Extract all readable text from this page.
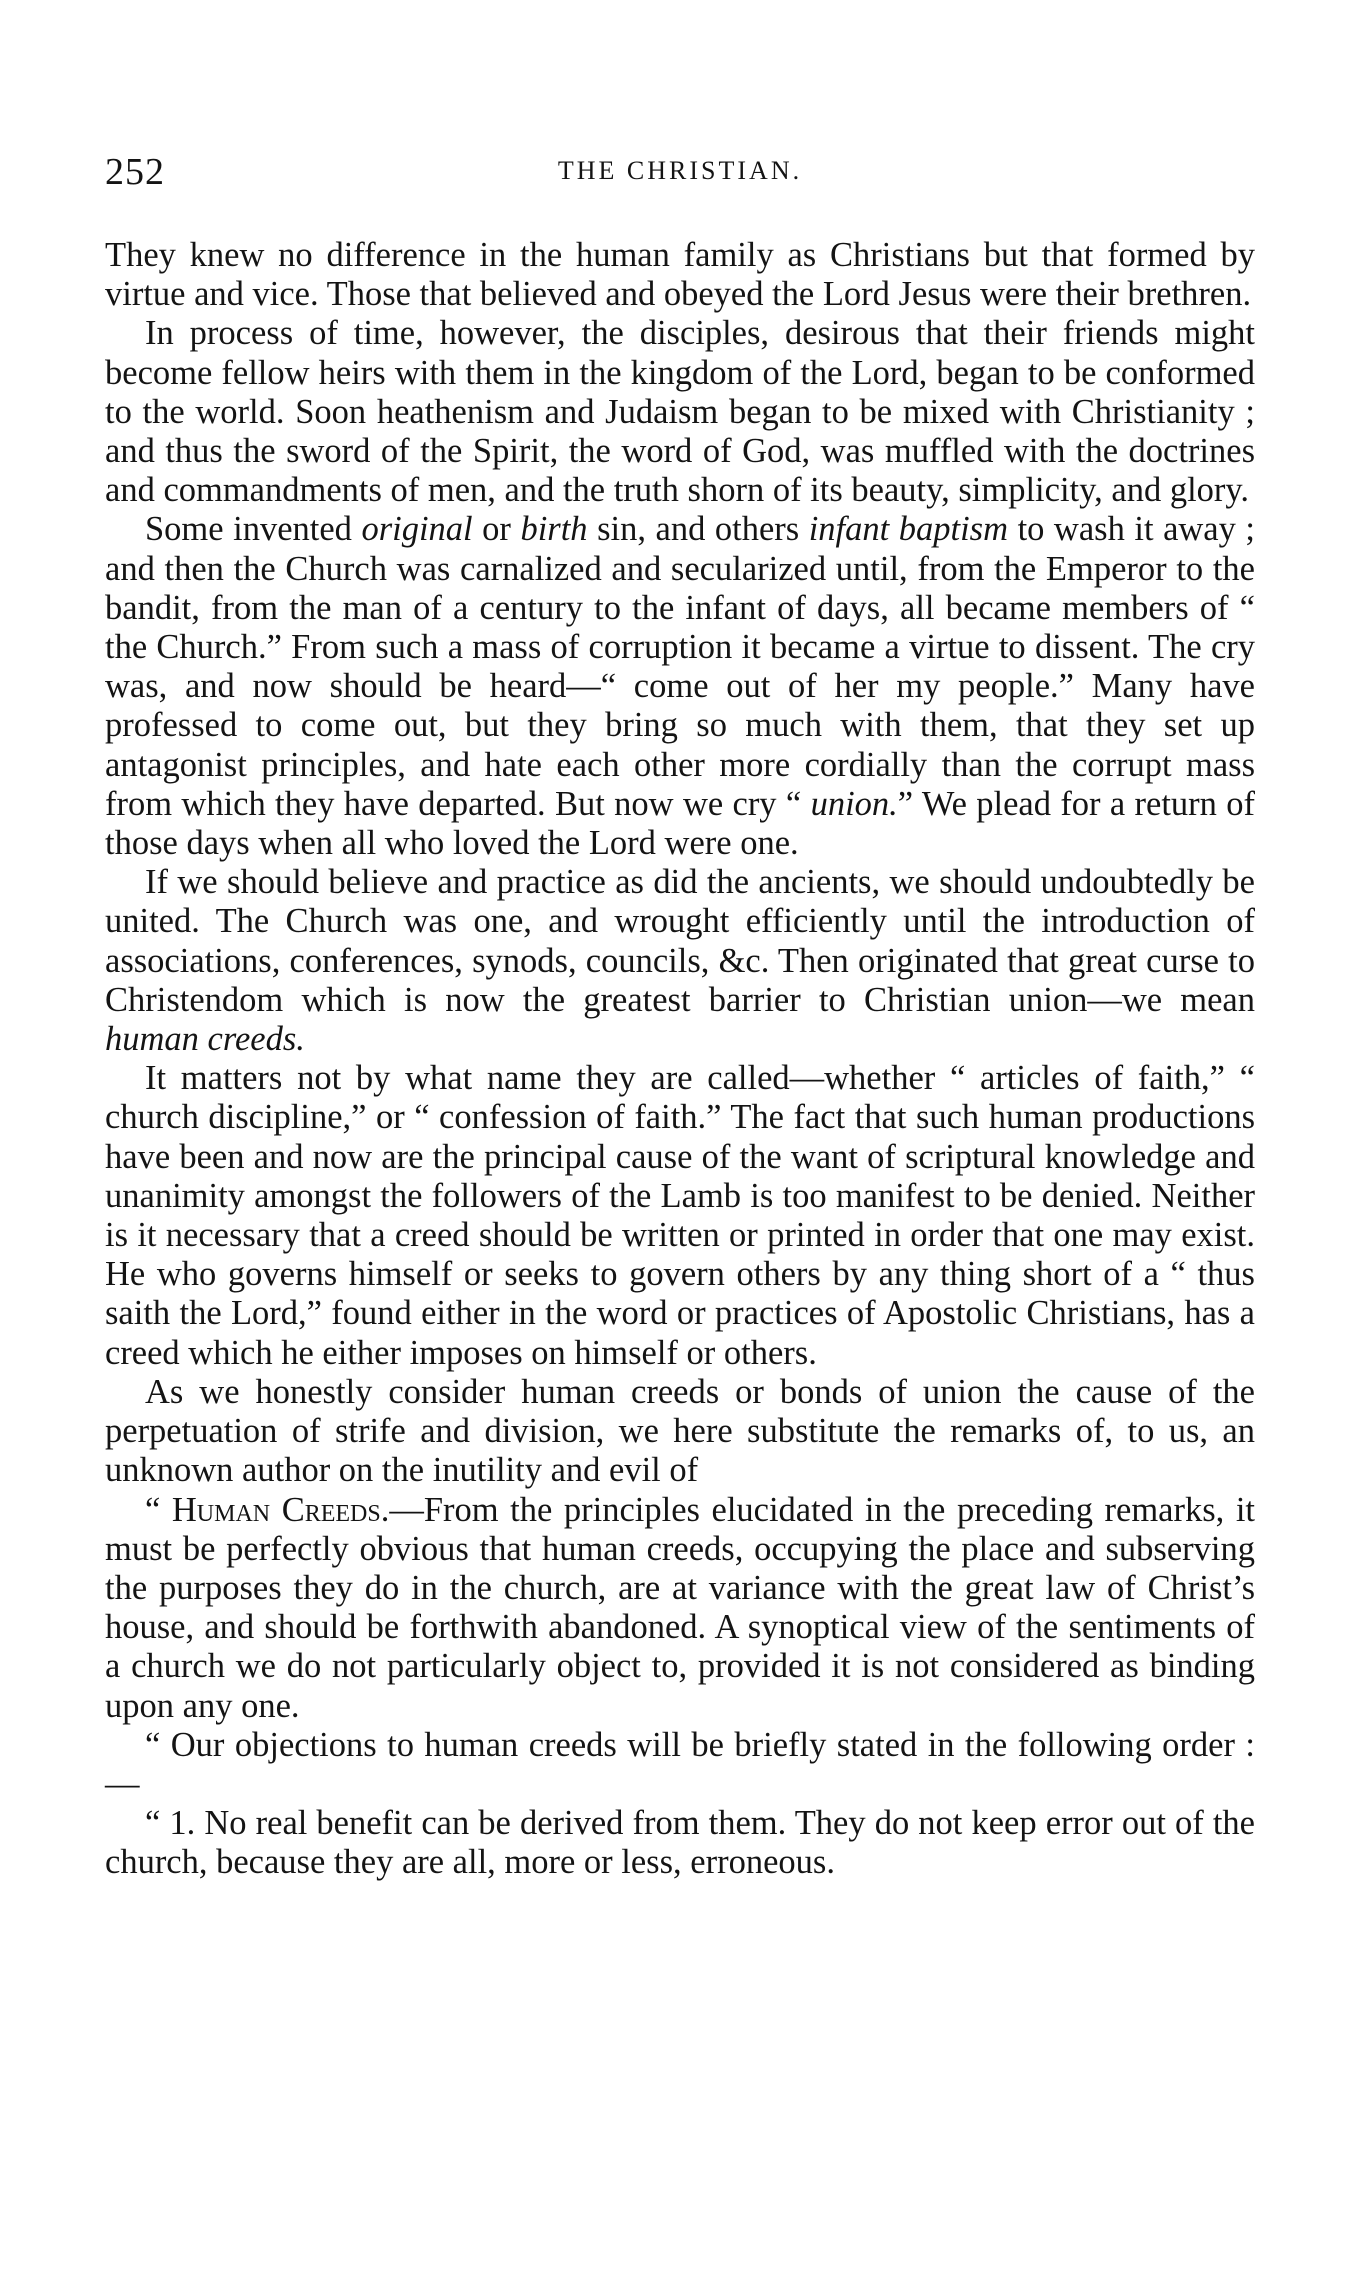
252	THE CHRISTIAN.

They knew no difference in the human family as Christians but that formed by virtue and vice. Those that believed and obeyed the Lord Jesus were their brethren.

In process of time, however, the disciples, desirous that their friends might become fellow heirs with them in the kingdom of the Lord, began to be conformed to the world. Soon heathenism and Judaism began to be mixed with Christianity ; and thus the sword of the Spirit, the word of God, was muffled with the doctrines and commandments of men, and the truth shorn of its beauty, simplicity, and glory.

Some invented original or birth sin, and others infant baptism to wash it away ; and then the Church was carnalized and secularized until, from the Emperor to the bandit, from the man of a century to the infant of days, all became members of “ the Church.” From such a mass of corruption it became a virtue to dissent. The cry was, and now should be heard—“ come out of her my people.” Many have professed to come out, but they bring so much with them, that they set up antagonist principles, and hate each other more cordially than the corrupt mass from which they have departed. But now we cry “ union.” We plead for a return of those days when all who loved the Lord were one.

If we should believe and practice as did the ancients, we should undoubtedly be united. The Church was one, and wrought efficiently until the introduction of associations, conferences, synods, councils, &c. Then originated that great curse to Christendom which is now the greatest barrier to Christian union—we mean human creeds.

It matters not by what name they are called—whether “ articles of faith,” “ church discipline,” or “ confession of faith.” The fact that such human productions have been and now are the principal cause of the want of scriptural knowledge and unanimity amongst the followers of the Lamb is too manifest to be denied. Neither is it necessary that a creed should be written or printed in order that one may exist. He who governs himself or seeks to govern others by any thing short of a “ thus saith the Lord,” found either in the word or practices of Apostolic Christians, has a creed which he either imposes on himself or others.

As we honestly consider human creeds or bonds of union the cause of the perpetuation of strife and division, we here substitute the remarks of, to us, an unknown author on the inutility and evil of

“ Human Creeds.—From the principles elucidated in the preceding remarks, it must be perfectly obvious that human creeds, occupying the place and subserving the purposes they do in the church, are at variance with the great law of Christ’s house, and should be forthwith abandoned. A synoptical view of the sentiments of a church we do not particularly object to, provided it is not considered as binding upon any one.

“ Our objections to human creeds will be briefly stated in the following order :—

“ 1. No real benefit can be derived from them. They do not keep error out of the church, because they are all, more or less, erroneous.
